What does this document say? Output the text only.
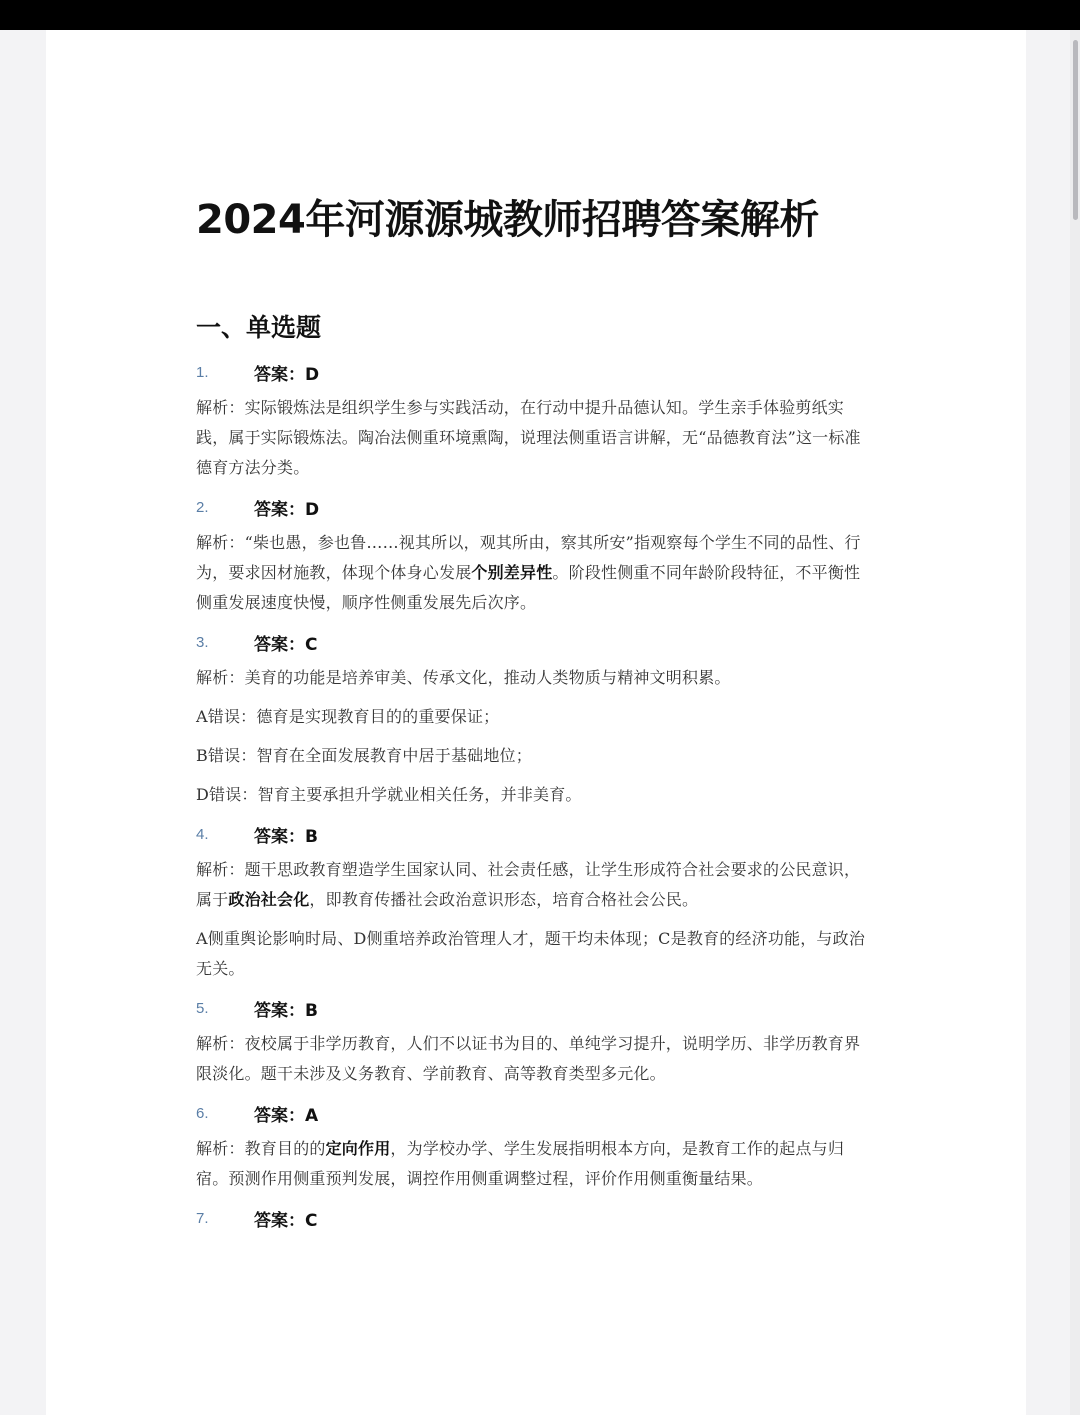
2024年河源源城教师招聘答案解析
一、单选题
1.	答案：D

解析：实际锻炼法是组织学生参与实践活动，在行动中提升品德认知。学生亲手体验剪纸实践，属于实际锻炼法。陶冶法侧重环境熏陶，说理法侧重语言讲解，无“品德教育法”这一标准德育方法分类。

2.	答案：D

解析：“柴也愚，参也鲁……视其所以，观其所由，察其所安”指观察每个学生不同的品性、行为，要求因材施教，体现个体身心发展个别差异性。阶段性侧重不同年龄阶段特征，不平衡性侧重发展速度快慢，顺序性侧重发展先后次序。

3.	答案：C

解析：美育的功能是培养审美、传承文化，推动人类物质与精神文明积累。

A错误：德育是实现教育目的的重要保证；

B错误：智育在全面发展教育中居于基础地位；

D错误：智育主要承担升学就业相关任务，并非美育。

4.	答案：B

解析：题干思政教育塑造学生国家认同、社会责任感，让学生形成符合社会要求的公民意识，属于政治社会化，即教育传播社会政治意识形态，培育合格社会公民。

A侧重舆论影响时局、D侧重培养政治管理人才，题干均未体现；C是教育的经济功能，与政治无关。

5.	答案：B

解析：夜校属于非学历教育，人们不以证书为目的、单纯学习提升，说明学历、非学历教育界限淡化。题干未涉及义务教育、学前教育、高等教育类型多元化。

6.	答案：A

解析：教育目的的定向作用，为学校办学、学生发展指明根本方向，是教育工作的起点与归宿。预测作用侧重预判发展，调控作用侧重调整过程，评价作用侧重衡量结果。

7.	答案：C
